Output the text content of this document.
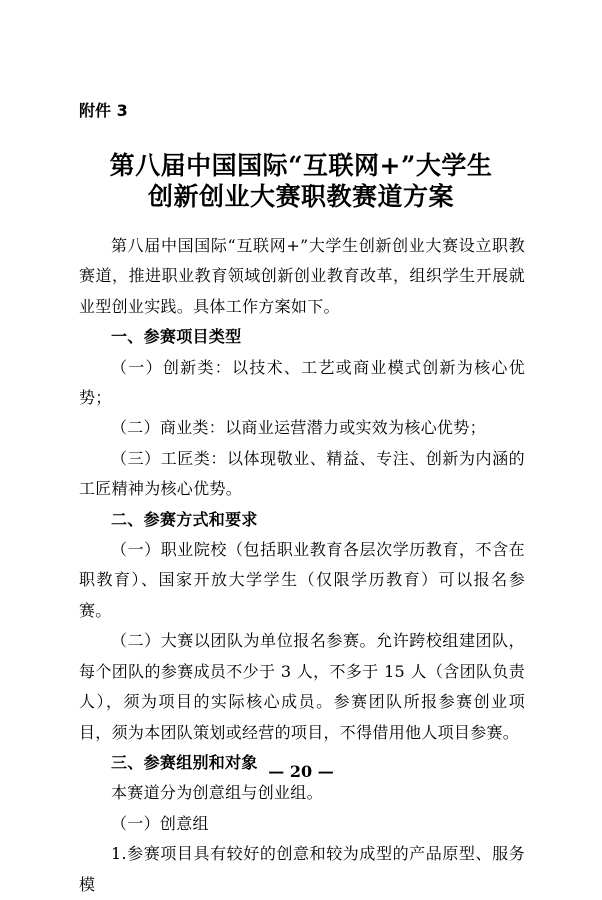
附件 3
第八届中国国际“互联网+”大学生
创新创业大赛职教赛道方案

第八届中国国际“互联网+”大学生创新创业大赛设立职教赛道，推进职业教育领域创新创业教育改革，组织学生开展就业型创业实践。具体工作方案如下。

一、参赛项目类型

（一）创新类：以技术、工艺或商业模式创新为核心优势；

（二）商业类：以商业运营潜力或实效为核心优势；

（三）工匠类：以体现敬业、精益、专注、创新为内涵的工匠精神为核心优势。

二、参赛方式和要求

（一）职业院校（包括职业教育各层次学历教育，不含在职教育）、国家开放大学学生（仅限学历教育）可以报名参赛。

（二）大赛以团队为单位报名参赛。允许跨校组建团队，每个团队的参赛成员不少于 3 人，不多于 15 人（含团队负责人），须为项目的实际核心成员。参赛团队所报参赛创业项目，须为本团队策划或经营的项目，不得借用他人项目参赛。

三、参赛组别和对象

本赛道分为创意组与创业组。

（一）创意组

1.参赛项目具有较好的创意和较为成型的产品原型、服务模

— 20 —
